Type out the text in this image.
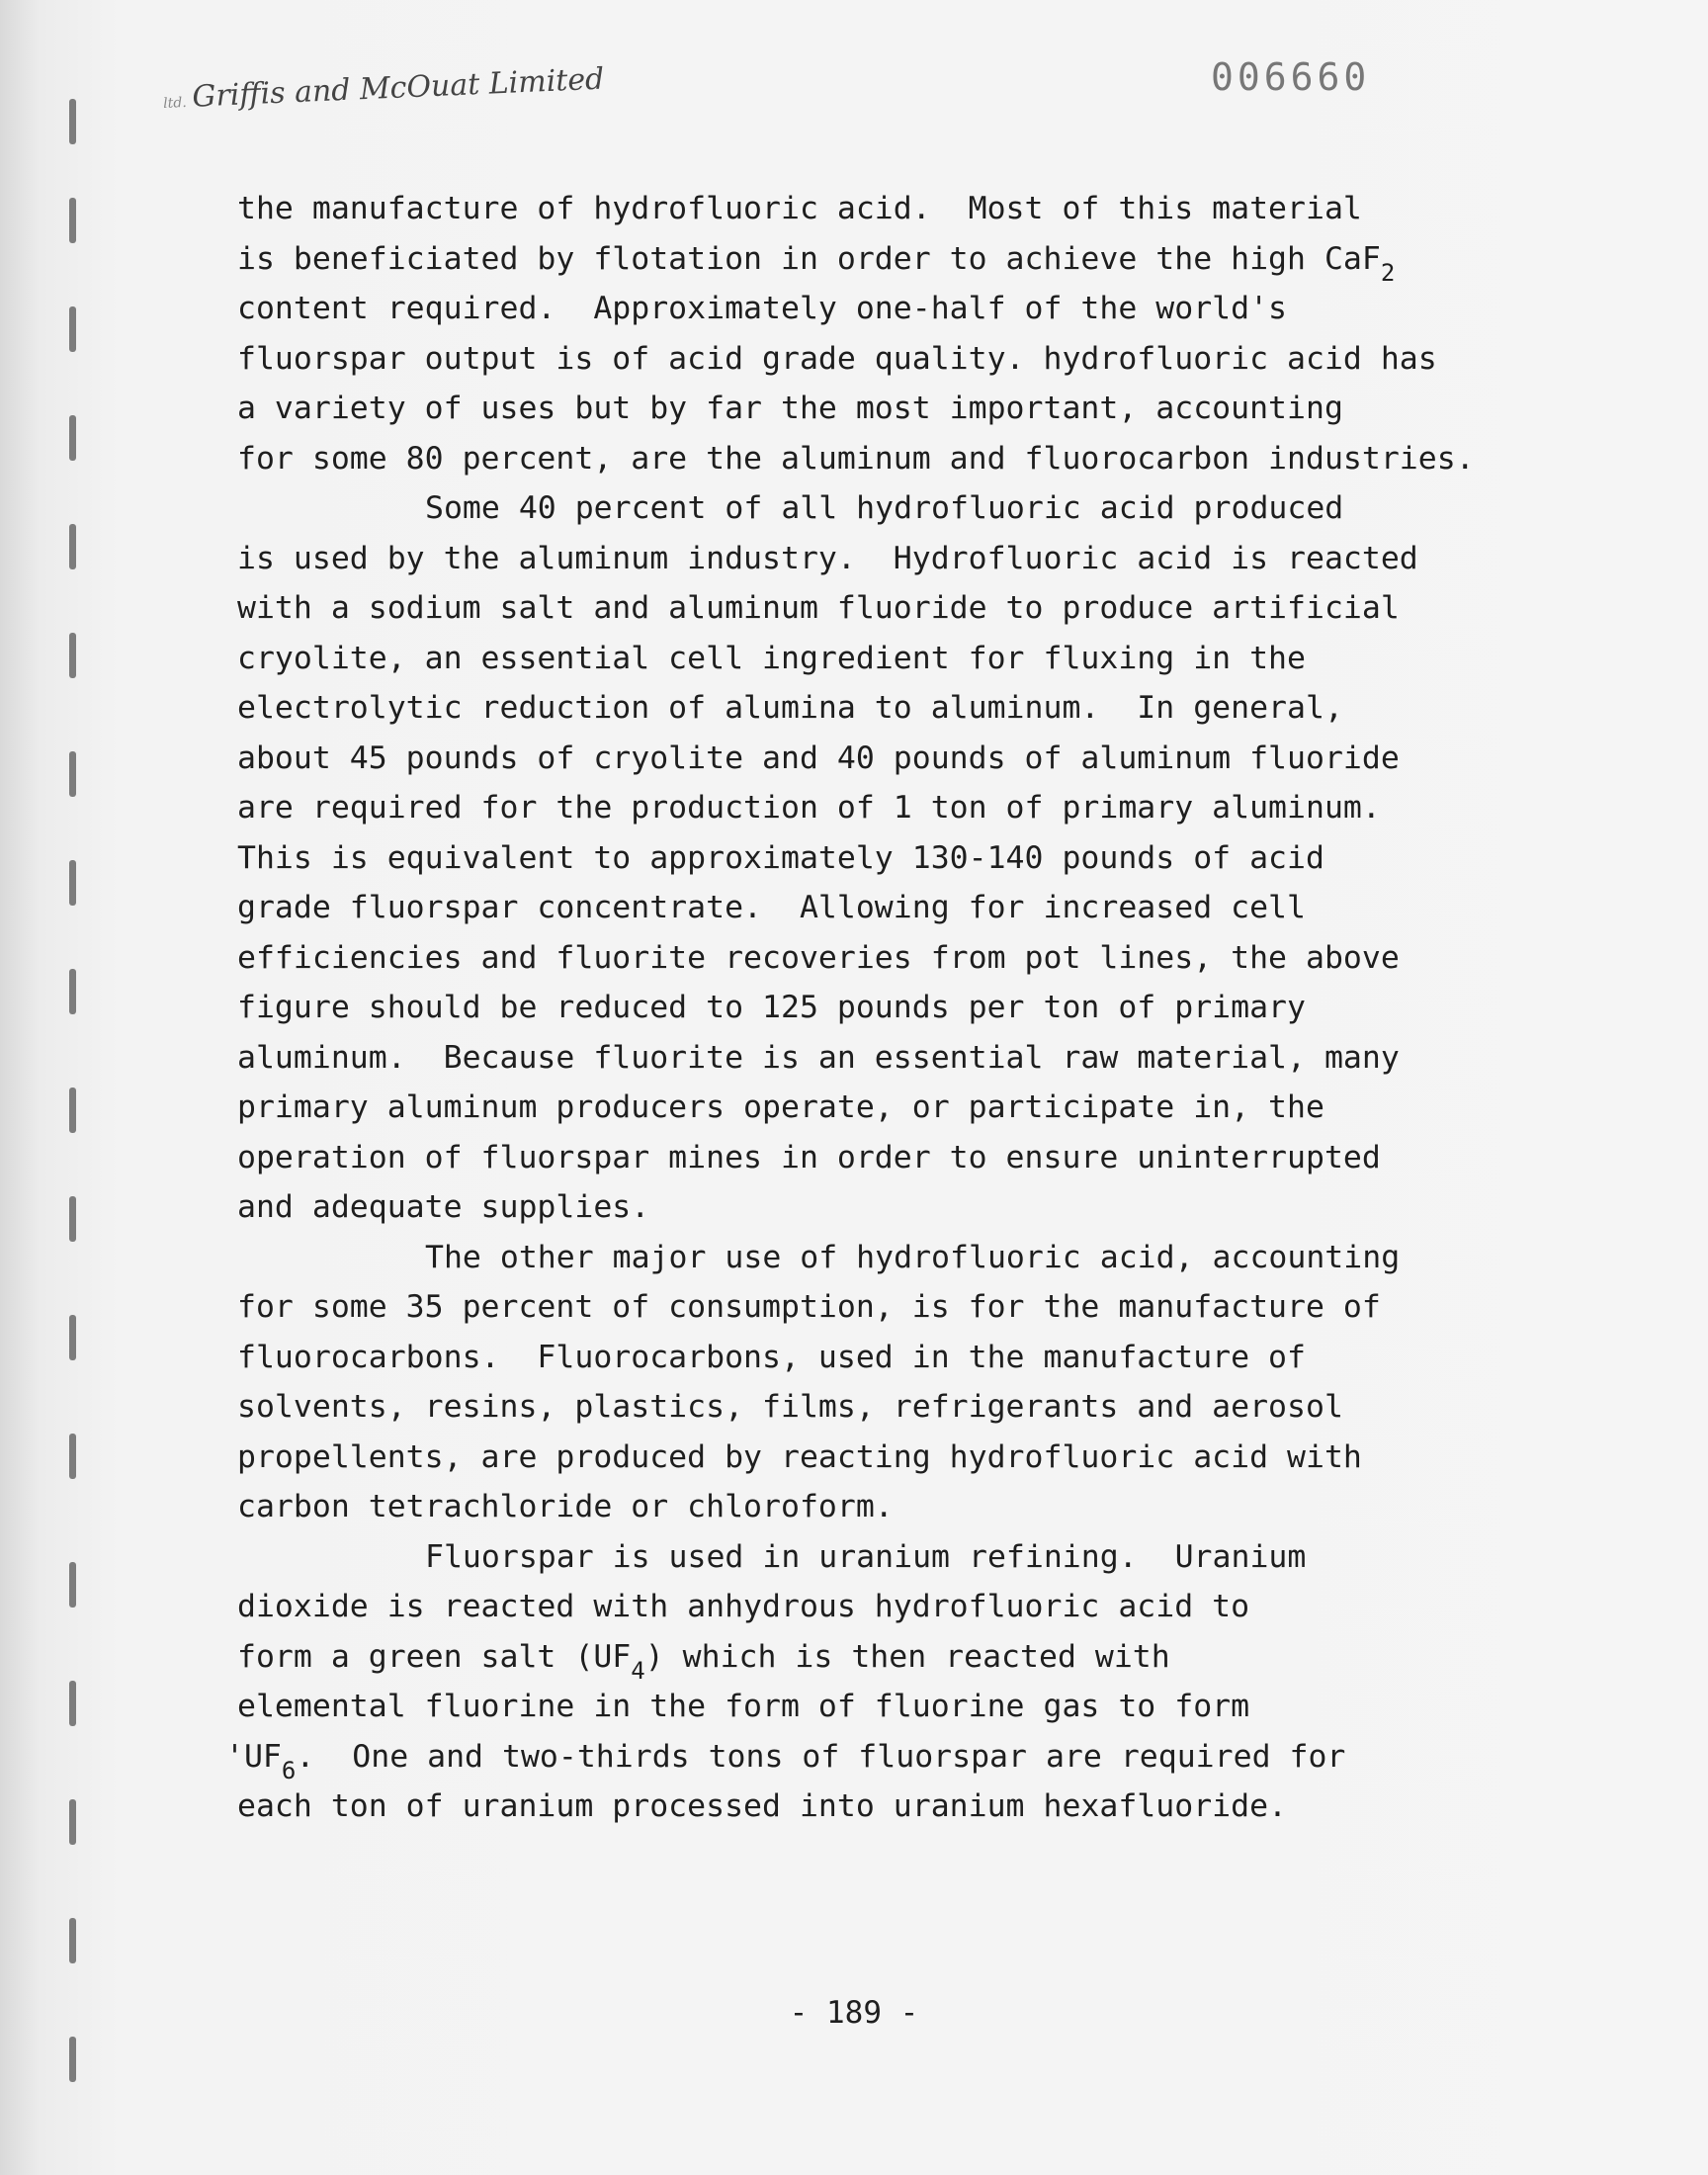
ltd. Griffis and McOuat Limited	006660
the manufacture of hydrofluoric acid.  Most of this material
is beneficiated by flotation in order to achieve the high CaF$_2$
content required.  Approximately one-half of the world's
fluorspar output is of acid grade quality. hydrofluoric acid has
a variety of uses but by far the most important, accounting
for some 80 percent, are the aluminum and fluorocarbon industries.
Some 40 percent of all hydrofluoric acid produced
is used by the aluminum industry.  Hydrofluoric acid is reacted
with a sodium salt and aluminum fluoride to produce artificial
cryolite, an essential cell ingredient for fluxing in the
electrolytic reduction of alumina to aluminum.  In general,
about 45 pounds of cryolite and 40 pounds of aluminum fluoride
are required for the production of 1 ton of primary aluminum.
This is equivalent to approximately 130-140 pounds of acid
grade fluorspar concentrate.  Allowing for increased cell
efficiencies and fluorite recoveries from pot lines, the above
figure should be reduced to 125 pounds per ton of primary
aluminum.  Because fluorite is an essential raw material, many
primary aluminum producers operate, or participate in, the
operation of fluorspar mines in order to ensure uninterrupted
and adequate supplies.
The other major use of hydrofluoric acid, accounting
for some 35 percent of consumption, is for the manufacture of
fluorocarbons.  Fluorocarbons, used in the manufacture of
solvents, resins, plastics, films, refrigerants and aerosol
propellents, are produced by reacting hydrofluoric acid with
carbon tetrachloride or chloroform.
Fluorspar is used in uranium refining.  Uranium
dioxide is reacted with anhydrous hydrofluoric acid to
form a green salt $(UF_4)$ which is then reacted with
elemental fluorine in the form of fluorine gas to form
'$UF_6$.  One and two-thirds tons of fluorspar are required for
each ton of uranium processed into uranium hexafluoride.
- 189 -
